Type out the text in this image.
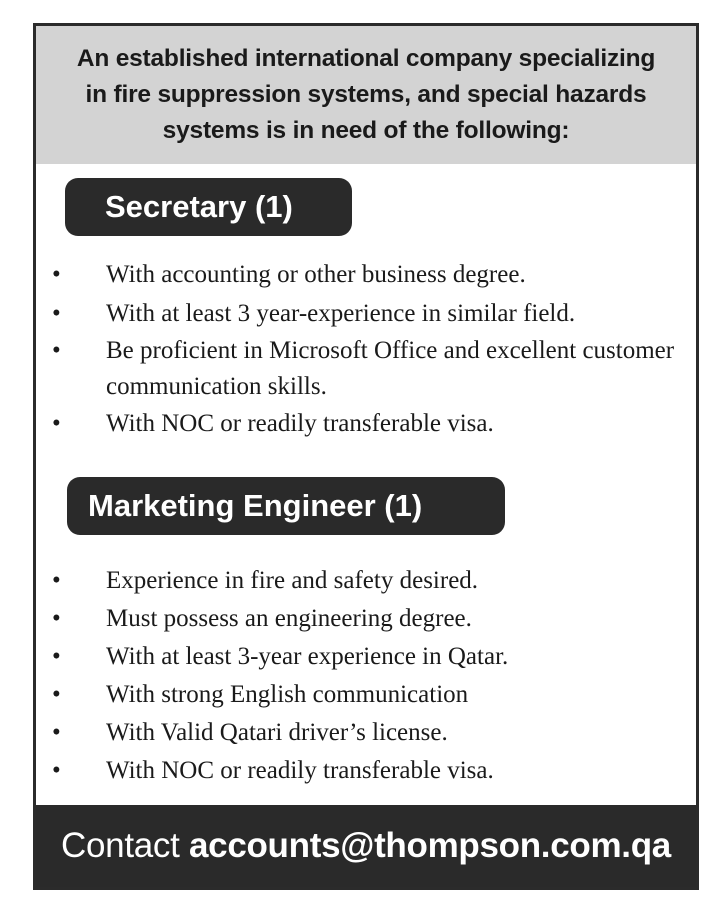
An established international company specializing
in fire suppression systems, and special hazards
systems is in need of the following:
Secretary (1)
• With accounting or other business degree.
• With at least 3 year-experience in similar field.
• Be proficient in Microsoft Office and excellent customer communication skills.
• With NOC or readily transferable visa.
Marketing Engineer (1)
• Experience in fire and safety desired.
• Must possess an engineering degree.
• With at least 3-year experience in Qatar.
• With strong English communication
• With Valid Qatari driver’s license.
• With NOC or readily transferable visa.
Contact accounts@thompson.com.qa
